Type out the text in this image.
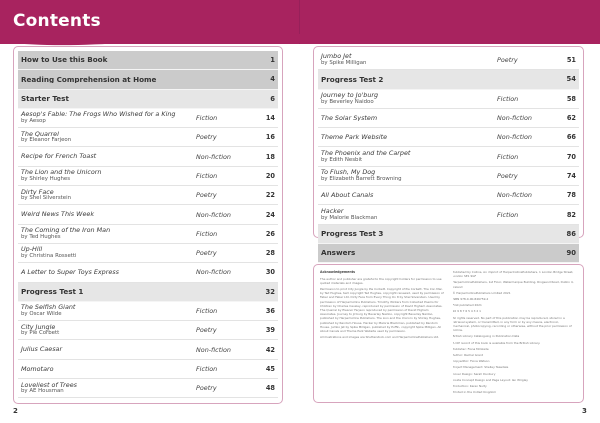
Contents
How to Use this Book	1
Reading Comprehension at Home	4
Starter Test	6
Aesop's Fable: The Frogs Who Wished for a King
by Aesop	Fiction	14
The Quarrel
by Eleanor Farjeon	Poetry	16
Recipe for French Toast	Non-fiction	18
The Lion and the Unicorn
by Shirley Hughes	Fiction	20
Dirty Face
by Shel Silverstein	Poetry	22
Weird News This Week	Non-fiction	24
The Coming of the Iron Man
by Ted Hughes	Fiction	26
Up-Hill
by Christina Rossetti	Poetry	28
A Letter to Super Toys Express	Non-fiction	30
Progress Test 1	32
The Selfish Giant
by Oscar Wilde	Fiction	36
City Jungle
by Pie Corbett	Poetry	39
Julius Caesar	Non-fiction	42
Momotaro	Fiction	45
Loveliest of Trees
by AE Housman	Poetry	48
Jumbo Jet
by Spike Milligan	Poetry	51
Progress Test 2	54
Journey to Jo'burg
by Beverley Naidoo	Fiction	58
The Solar System	Non-fiction	62
Theme Park Website	Non-fiction	66
The Phoenix and the Carpet
by Edith Nesbit	Fiction	70
To Flush, My Dog
by Elizabeth Barrett Browning	Poetry	74
All About Canals	Non-fiction	78
Hacker
by Malorie Blackman	Fiction	82
Progress Test 3	86
Answers	90
Acknowledgements

The author and publisher are grateful to the copyright holders for permission to use quoted materials and images.

Permission to print City Jungle by Pie Corbett. Copyright of Pie Corbett. The Iron Man by Ted Hughes, text copyright Ted Hughes, copyright renewed, used by permission of Faber and Faber Ltd. Dirty Face from Every Thing On It by Shel Silverstein. Used by permission of HarperCollins Publishers. Timothy Winters from Collected Poems for Children by Charles Causley, reproduced by permission of David Higham Associates. The Quarrel by Eleanor Farjeon reproduced by permission of David Higham Associates. Journey to Jo'burg by Beverley Naidoo, copyright Beverley Naidoo, published by HarperCollins Publishers. The Lion and the Unicorn by Shirley Hughes, published by Random House. Hacker by Malorie Blackman, published by Random House. Jumbo Jet by Spike Milligan, published by Puffin, copyright Spike Milligan. All About Canals and Theme Park Website used by permission.

All illustrations and images are Shutterstock.com and HarperCollinsPublishers Ltd.

Published by Collins, An imprint of HarperCollinsPublishers, 1 London Bridge Street, London SE1 9GF

HarperCollinsPublishers, 1st Floor, Watermarque Building, Ringsend Road, Dublin 4, Ireland

© HarperCollinsPublishers Limited 2021

ISBN 978-0-00-846759-2

First published 2021

10 9 8 7 6 5 4 3 2 1

All rights reserved. No part of this publication may be reproduced, stored in a retrieval system, or transmitted, in any form or by any means, electronic, mechanical, photocopying, recording or otherwise, without the prior permission of Collins.

British Library Cataloguing in Publication Data

A CIP record of this book is available from the British Library.

Publisher: Fiona McGlade

Author: Rachel Grant

Copyeditor: Fiona Watson

Project Management: Shelley Teasdale

Cover Design: Sarah Duxbury

Inside Concept Design and Page Layout: Ian Wrigley

Production: Karen Nulty

Printed in the United Kingdom

2	3
